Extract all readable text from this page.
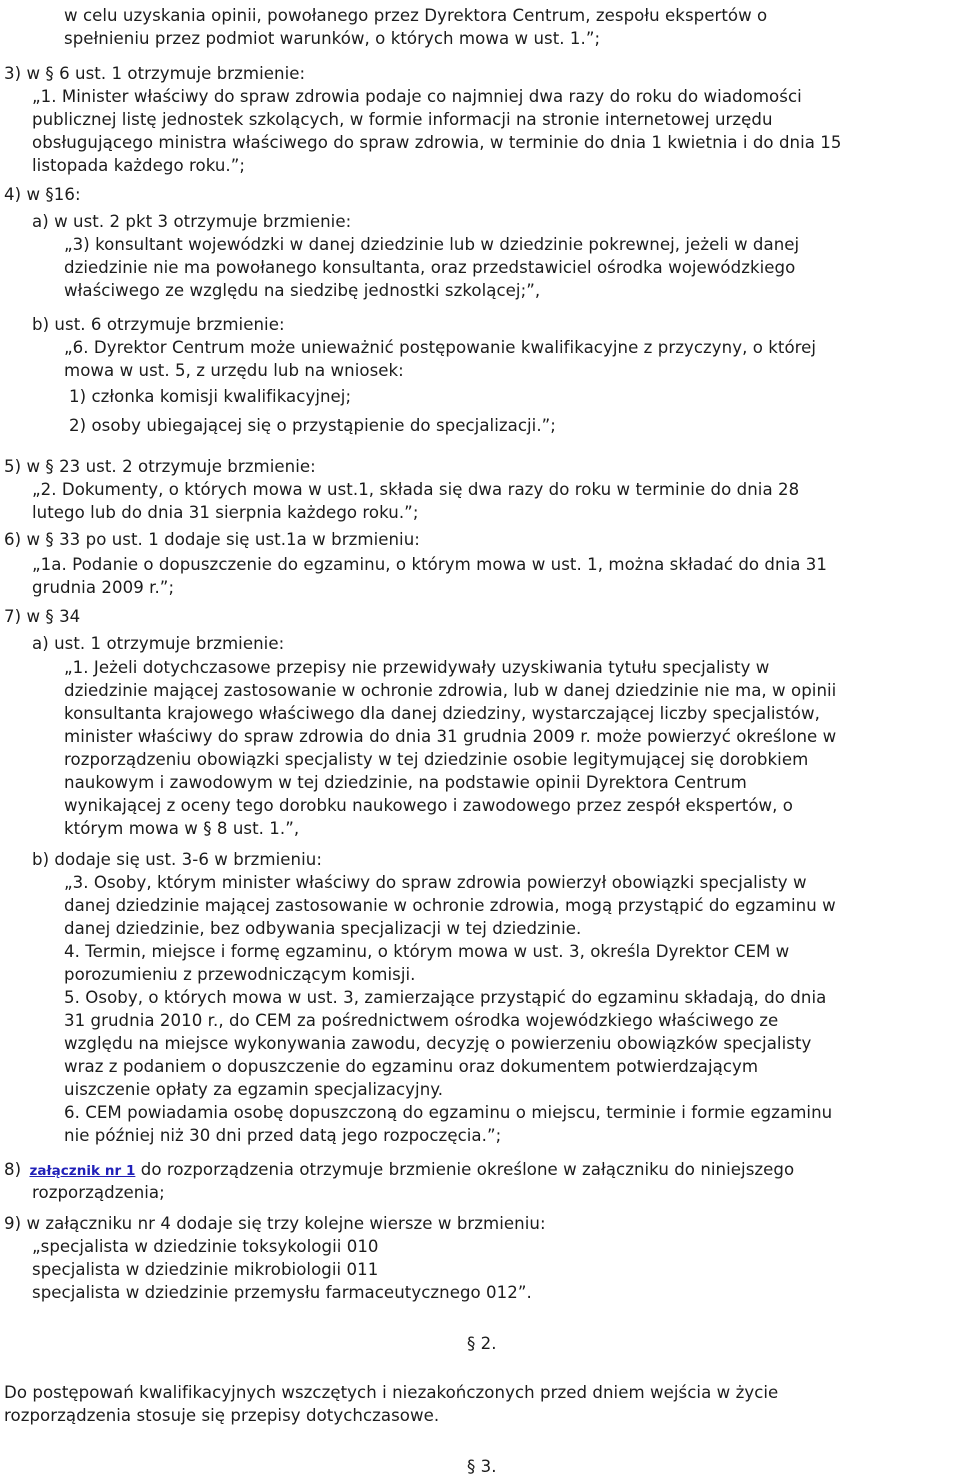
w celu uzyskania opinii, powołanego przez Dyrektora Centrum, zespołu ekspertów o
spełnieniu przez podmiot warunków, o których mowa w ust. 1.”;
3) w § 6 ust. 1 otrzymuje brzmienie:
„1. Minister właściwy do spraw zdrowia podaje co najmniej dwa razy do roku do wiadomości
publicznej listę jednostek szkolących, w formie informacji na stronie internetowej urzędu
obsługującego ministra właściwego do spraw zdrowia, w terminie do dnia 1 kwietnia i do dnia 15
listopada każdego roku.”;
4) w §16:
a) w ust. 2 pkt 3 otrzymuje brzmienie:
„3) konsultant wojewódzki w danej dziedzinie lub w dziedzinie pokrewnej, jeżeli w danej
dziedzinie nie ma powołanego konsultanta, oraz przedstawiciel ośrodka wojewódzkiego
właściwego ze względu na siedzibę jednostki szkolącej;”,
b) ust. 6 otrzymuje brzmienie:
„6. Dyrektor Centrum może unieważnić postępowanie kwalifikacyjne z przyczyny, o której
mowa w ust. 5, z urzędu lub na wniosek:
1) członka komisji kwalifikacyjnej;
2) osoby ubiegającej się o przystąpienie do specjalizacji.”;
5) w § 23 ust. 2 otrzymuje brzmienie:
„2. Dokumenty, o których mowa w ust.1, składa się dwa razy do roku w terminie do dnia 28
lutego lub do dnia 31 sierpnia każdego roku.”;
6) w § 33 po ust. 1 dodaje się ust.1a w brzmieniu:
„1a. Podanie o dopuszczenie do egzaminu, o którym mowa w ust. 1, można składać do dnia 31
grudnia 2009 r.”;
7) w § 34
a) ust. 1 otrzymuje brzmienie:
„1. Jeżeli dotychczasowe przepisy nie przewidywały uzyskiwania tytułu specjalisty w
dziedzinie mającej zastosowanie w ochronie zdrowia, lub w danej dziedzinie nie ma, w opinii
konsultanta krajowego właściwego dla danej dziedziny, wystarczającej liczby specjalistów,
minister właściwy do spraw zdrowia do dnia 31 grudnia 2009 r. może powierzyć określone w
rozporządzeniu obowiązki specjalisty w tej dziedzinie osobie legitymującej się dorobkiem
naukowym i zawodowym w tej dziedzinie, na podstawie opinii Dyrektora Centrum
wynikającej z oceny tego dorobku naukowego i zawodowego przez zespół ekspertów, o
którym mowa w § 8 ust. 1.”,
b) dodaje się ust. 3-6 w brzmieniu:
„3. Osoby, którym minister właściwy do spraw zdrowia powierzył obowiązki specjalisty w
danej dziedzinie mającej zastosowanie w ochronie zdrowia, mogą przystąpić do egzaminu w
danej dziedzinie, bez odbywania specjalizacji w tej dziedzinie.
4. Termin, miejsce i formę egzaminu, o którym mowa w ust. 3, określa Dyrektor CEM w
porozumieniu z przewodniczącym komisji.
5. Osoby, o których mowa w ust. 3, zamierzające przystąpić do egzaminu składają, do dnia
31 grudnia 2010 r., do CEM za pośrednictwem ośrodka wojewódzkiego właściwego ze
względu na miejsce wykonywania zawodu, decyzję o powierzeniu obowiązków specjalisty
wraz z podaniem o dopuszczenie do egzaminu oraz dokumentem potwierdzającym
uiszczenie opłaty za egzamin specjalizacyjny.
6. CEM powiadamia osobę dopuszczoną do egzaminu o miejscu, terminie i formie egzaminu
nie później niż 30 dni przed datą jego rozpoczęcia.”;
8) załącznik nr 1 do rozporządzenia otrzymuje brzmienie określone w załączniku do niniejszego
rozporządzenia;
9) w załączniku nr 4 dodaje się trzy kolejne wiersze w brzmieniu:
„specjalista w dziedzinie toksykologii 010
specjalista w dziedzinie mikrobiologii 011
specjalista w dziedzinie przemysłu farmaceutycznego 012”.
§ 2.
Do postępowań kwalifikacyjnych wszczętych i niezakończonych przed dniem wejścia w życie
rozporządzenia stosuje się przepisy dotychczasowe.
§ 3.
